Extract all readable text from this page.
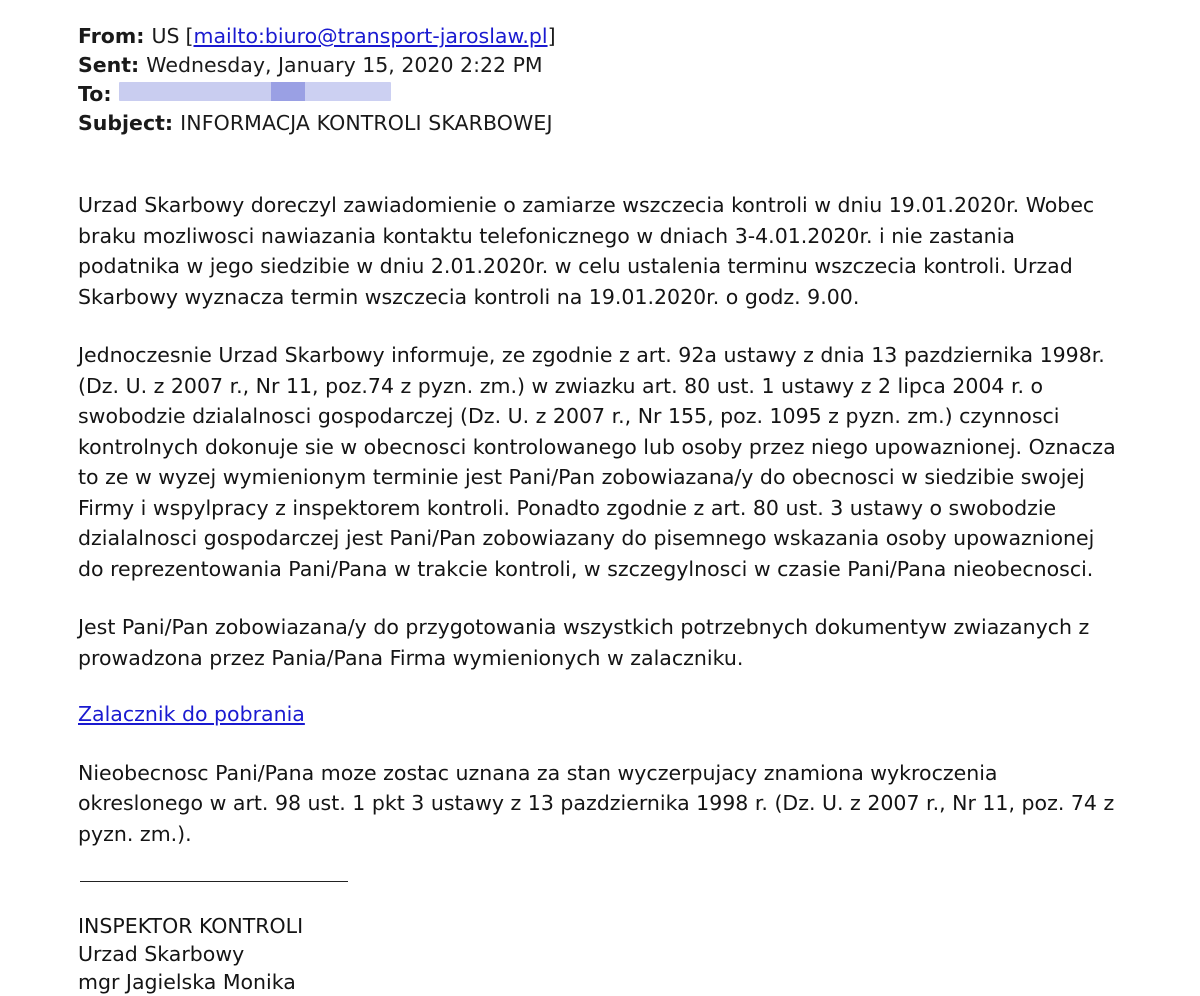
From: US [ mailto:biuro@transport-jaroslaw.pl ]
Sent: Wednesday, January 15, 2020 2:22 PM
To:
Subject: INFORMACJA KONTROLI SKARBOWEJ

Urzad Skarbowy doreczyl zawiadomienie o zamiarze wszczecia kontroli w dniu 19.01.2020r. Wobec braku mozliwosci nawiazania kontaktu telefonicznego w dniach 3-4.01.2020r. i nie zastania podatnika w jego siedzibie w dniu 2.01.2020r. w celu ustalenia terminu wszczecia kontroli. Urzad Skarbowy wyznacza termin wszczecia kontroli na 19.01.2020r. o godz. 9.00.

Jednoczesnie Urzad Skarbowy informuje, ze zgodnie z art. 92a ustawy z dnia 13 pazdziernika 1998r. (Dz. U. z 2007 r., Nr 11, poz.74 z pyzn. zm.) w zwiazku art. 80 ust. 1 ustawy z 2 lipca 2004 r. o swobodzie dzialalnosci gospodarczej (Dz. U. z 2007 r., Nr 155, poz. 1095 z pyzn. zm.) czynnosci kontrolnych dokonuje sie w obecnosci kontrolowanego lub osoby przez niego upowaznionej. Oznacza to ze w wyzej wymienionym terminie jest Pani/Pan zobowiazana/y do obecnosci w siedzibie swojej Firmy i wspylpracy z inspektorem kontroli. Ponadto zgodnie z art. 80 ust. 3 ustawy o swobodzie dzialalnosci gospodarczej jest Pani/Pan zobowiazany do pisemnego wskazania osoby upowaznionej do reprezentowania Pani/Pana w trakcie kontroli, w szczegylnosci w czasie Pani/Pana nieobecnosci.

Jest Pani/Pan zobowiazana/y do przygotowania wszystkich potrzebnych dokumentyw zwiazanych z prowadzona przez Pania/Pana Firma wymienionych w zalaczniku.

Zalacznik do pobrania

Nieobecnosc Pani/Pana moze zostac uznana za stan wyczerpujacy znamiona wykroczenia okreslonego w art. 98 ust. 1 pkt 3 ustawy z 13 pazdziernika 1998 r. (Dz. U. z 2007 r., Nr 11, poz. 74 z pyzn. zm.).

INSPEKTOR KONTROLI
Urzad Skarbowy
mgr Jagielska Monika
